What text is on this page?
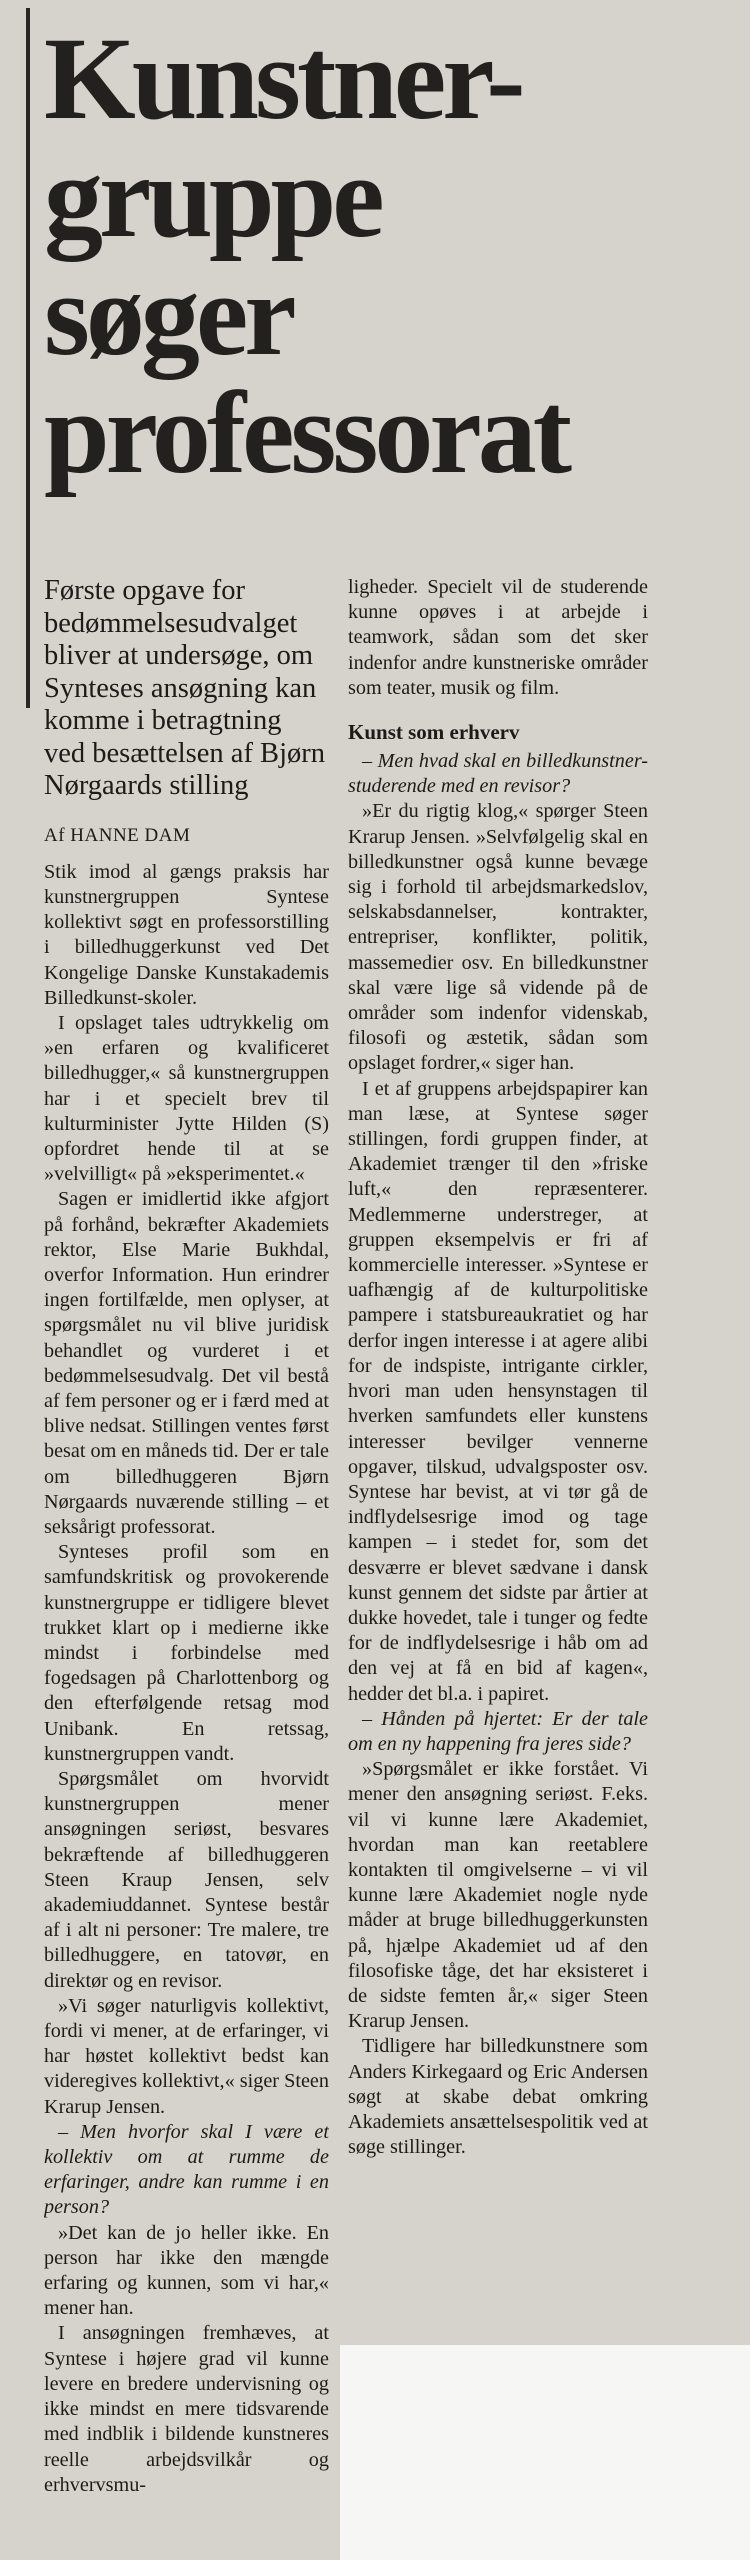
Kunstner-
gruppe
søger
professorat
Første opgave for bedømmelsesudvalget bliver at undersøge, om Synteses ansøgning kan komme i betragtning ved besættelsen af Bjørn Nørgaards stilling
Af HANNE DAM

Stik imod al gængs praksis har kunstnergruppen Syntese kollektivt søgt en professorstilling i billedhuggerkunst ved Det Kongelige Danske Kunstakademis Billedkunst-skoler.

I opslaget tales udtrykkelig om »en erfaren og kvalificeret billedhugger,« så kunstnergruppen har i et specielt brev til kulturminister Jytte Hilden (S) opfordret hende til at se »velvilligt« på »eksperimentet.«

Sagen er imidlertid ikke afgjort på forhånd, bekræfter Akademiets rektor, Else Marie Bukhdal, overfor Information. Hun erindrer ingen fortilfælde, men oplyser, at spørgsmålet nu vil blive juridisk behandlet og vurderet i et bedømmelsesudvalg. Det vil bestå af fem personer og er i færd med at blive nedsat. Stillingen ventes først besat om en måneds tid. Der er tale om billedhuggeren Bjørn Nørgaards nuværende stilling – et seksårigt professorat.

Synteses profil som en samfundskritisk og provokerende kunstnergruppe er tidligere blevet trukket klart op i medierne ikke mindst i forbindelse med fogedsagen på Charlottenborg og den efterfølgende retsag mod Unibank. En retssag, kunstnergruppen vandt.

Spørgsmålet om hvorvidt kunstnergruppen mener ansøgningen seriøst, besvares bekræftende af billedhuggeren Steen Kraup Jensen, selv akademiuddannet. Syntese består af i alt ni personer: Tre malere, tre billedhuggere, en tatovør, en direktør og en revisor.

»Vi søger naturligvis kollektivt, fordi vi mener, at de erfaringer, vi har høstet kollektivt bedst kan videregives kollektivt,« siger Steen Krarup Jensen.

– Men hvorfor skal I være et kollektiv om at rumme de erfaringer, andre kan rumme i en person?

»Det kan de jo heller ikke. En person har ikke den mængde erfaring og kunnen, som vi har,« mener han.

I ansøgningen fremhæves, at Syntese i højere grad vil kunne levere en bredere undervisning og ikke mindst en mere tidsvarende med indblik i bildende kunstneres reelle arbejdsvilkår og erhvervsmu-

ligheder. Specielt vil de studerende kunne opøves i at arbejde i teamwork, sådan som det sker indenfor andre kunstneriske områder som teater, musik og film.

Kunst som erhverv

– Men hvad skal en billedkunstner-studerende med en revisor?

»Er du rigtig klog,« spørger Steen Krarup Jensen. »Selvfølgelig skal en billedkunstner også kunne bevæge sig i forhold til arbejdsmarkedslov, selskabsdannelser, kontrakter, entrepriser, konflikter, politik, massemedier osv. En billedkunstner skal være lige så vidende på de områder som indenfor videnskab, filosofi og æstetik, sådan som opslaget fordrer,« siger han.

I et af gruppens arbejdspapirer kan man læse, at Syntese søger stillingen, fordi gruppen finder, at Akademiet trænger til den »friske luft,« den repræsenterer. Medlemmerne understreger, at gruppen eksempelvis er fri af kommercielle interesser. »Syntese er uafhængig af de kulturpolitiske pampere i statsbureaukratiet og har derfor ingen interesse i at agere alibi for de indspiste, intrigante cirkler, hvori man uden hensynstagen til hverken samfundets eller kunstens interesser bevilger vennerne opgaver, tilskud, udvalgsposter osv. Syntese har bevist, at vi tør gå de indflydelsesrige imod og tage kampen – i stedet for, som det desværre er blevet sædvane i dansk kunst gennem det sidste par årtier at dukke hovedet, tale i tunger og fedte for de indflydelsesrige i håb om ad den vej at få en bid af kagen«, hedder det bl.a. i papiret.

– Hånden på hjertet: Er der tale om en ny happening fra jeres side?

»Spørgsmålet er ikke forstået. Vi mener den ansøgning seriøst. F.eks. vil vi kunne lære Akademiet, hvordan man kan reetablere kontakten til omgivelserne – vi vil kunne lære Akademiet nogle nyde måder at bruge billedhuggerkunsten på, hjælpe Akademiet ud af den filosofiske tåge, det har eksisteret i de sidste femten år,« siger Steen Krarup Jensen.

Tidligere har billedkunstnere som Anders Kirkegaard og Eric Andersen søgt at skabe debat omkring Akademiets ansættelsespolitik ved at søge stillinger.
